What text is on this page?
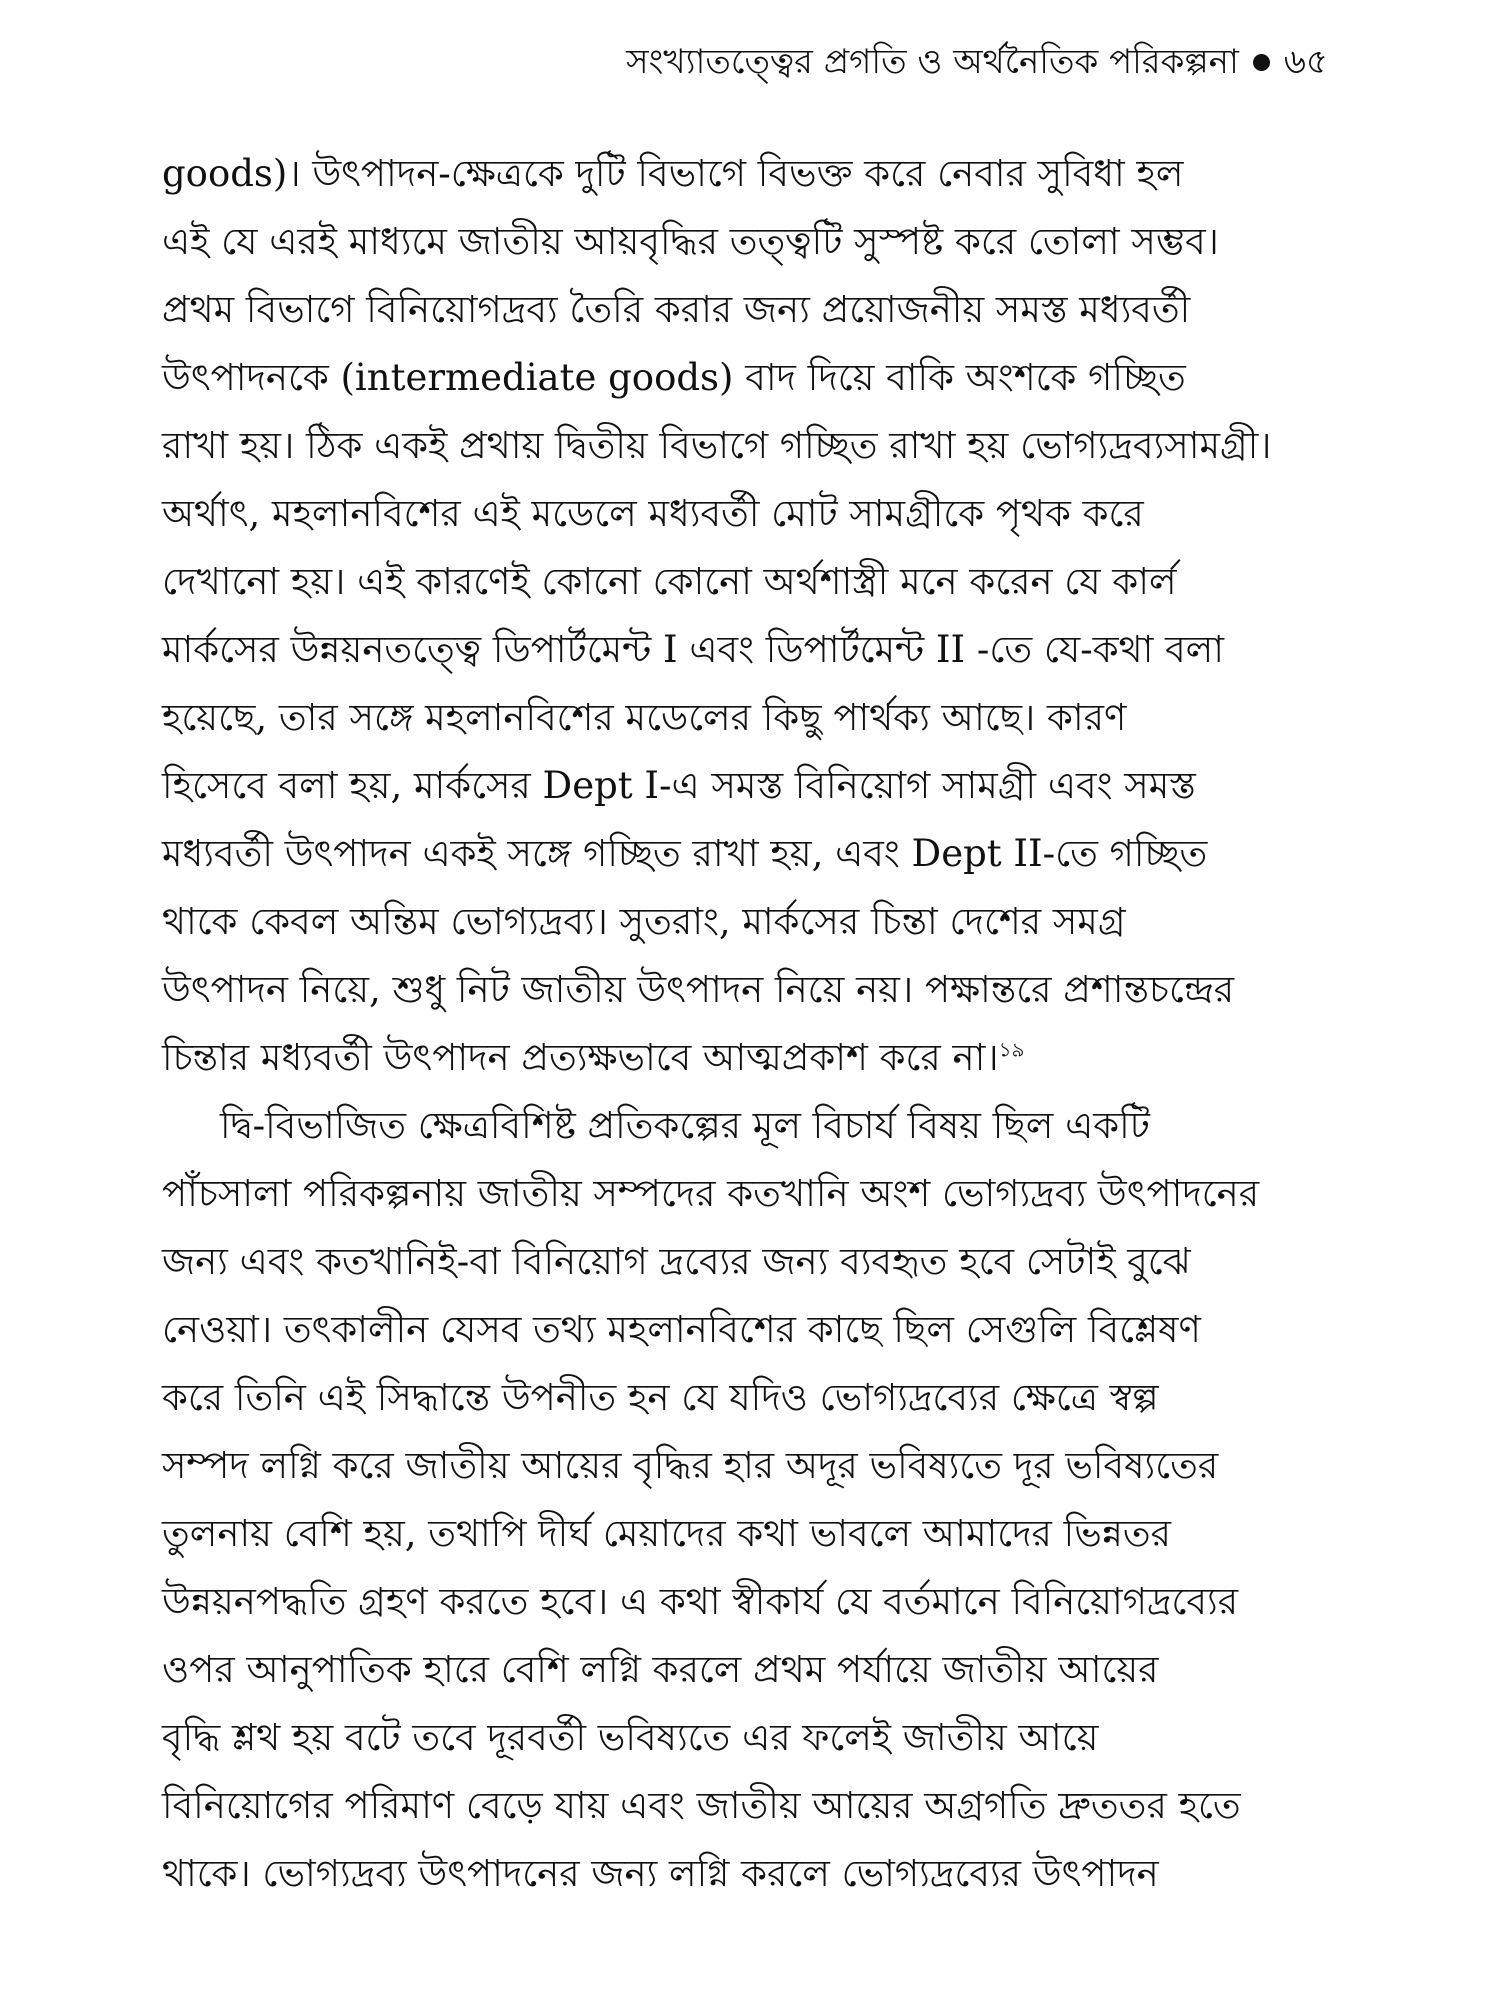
সংখ্যাতত্ত্বের প্রগতি ও অর্থনৈতিক পরিকল্পনা ৬৫

goods)। উৎপাদন-ক্ষেত্রকে দুটি বিভাগে বিভক্ত করে নেবার সুবিধা হল
এই যে এরই মাধ্যমে জাতীয় আয়বৃদ্ধির তত্ত্বটি সুস্পষ্ট করে তোলা সম্ভব।
প্রথম বিভাগে বিনিয়োগদ্রব্য তৈরি করার জন্য প্রয়োজনীয় সমস্ত মধ্যবর্তী
উৎপাদনকে (intermediate goods) বাদ দিয়ে বাকি অংশকে গচ্ছিত
রাখা হয়। ঠিক একই প্রথায় দ্বিতীয় বিভাগে গচ্ছিত রাখা হয় ভোগ্যদ্রব্যসামগ্রী।
অর্থাৎ, মহলানবিশের এই মডেলে মধ্যবর্তী মোট সামগ্রীকে পৃথক করে
দেখানো হয়। এই কারণেই কোনো কোনো অর্থশাস্ত্রী মনে করেন যে কার্ল
মার্কসের উন্নয়নতত্ত্বে ডিপার্টমেন্ট I এবং ডিপার্টমেন্ট II -তে যে-কথা বলা
হয়েছে, তার সঙ্গে মহলানবিশের মডেলের কিছু পার্থক্য আছে। কারণ
হিসেবে বলা হয়, মার্কসের Dept I-এ সমস্ত বিনিয়োগ সামগ্রী এবং সমস্ত
মধ্যবর্তী উৎপাদন একই সঙ্গে গচ্ছিত রাখা হয়, এবং Dept II-তে গচ্ছিত
থাকে কেবল অন্তিম ভোগ্যদ্রব্য। সুতরাং, মার্কসের চিন্তা দেশের সমগ্র
উৎপাদন নিয়ে, শুধু নিট জাতীয় উৎপাদন নিয়ে নয়। পক্ষান্তরে প্রশান্তচন্দ্রের
চিন্তার মধ্যবর্তী উৎপাদন প্রত্যক্ষভাবে আত্মপ্রকাশ করে না।$^{১৯}$

দ্বি-বিভাজিত ক্ষেত্রবিশিষ্ট প্রতিকল্পের মূল বিচার্য বিষয় ছিল একটি
পাঁচসালা পরিকল্পনায় জাতীয় সম্পদের কতখানি অংশ ভোগ্যদ্রব্য উৎপাদনের
জন্য এবং কতখানিই-বা বিনিয়োগ দ্রব্যের জন্য ব্যবহৃত হবে সেটাই বুঝে
নেওয়া। তৎকালীন যেসব তথ্য মহলানবিশের কাছে ছিল সেগুলি বিশ্লেষণ
করে তিনি এই সিদ্ধান্তে উপনীত হন যে যদিও ভোগ্যদ্রব্যের ক্ষেত্রে স্বল্প
সম্পদ লগ্নি করে জাতীয় আয়ের বৃদ্ধির হার অদূর ভবিষ্যতে দূর ভবিষ্যতের
তুলনায় বেশি হয়, তথাপি দীর্ঘ মেয়াদের কথা ভাবলে আমাদের ভিন্নতর
উন্নয়নপদ্ধতি গ্রহণ করতে হবে। এ কথা স্বীকার্য যে বর্তমানে বিনিয়োগদ্রব্যের
ওপর আনুপাতিক হারে বেশি লগ্নি করলে প্রথম পর্যায়ে জাতীয় আয়ের
বৃদ্ধি শ্লথ হয় বটে তবে দূরবর্তী ভবিষ্যতে এর ফলেই জাতীয় আয়ে
বিনিয়োগের পরিমাণ বেড়ে যায় এবং জাতীয় আয়ের অগ্রগতি দ্রুততর হতে
থাকে। ভোগ্যদ্রব্য উৎপাদনের জন্য লগ্নি করলে ভোগ্যদ্রব্যের উৎপাদন
